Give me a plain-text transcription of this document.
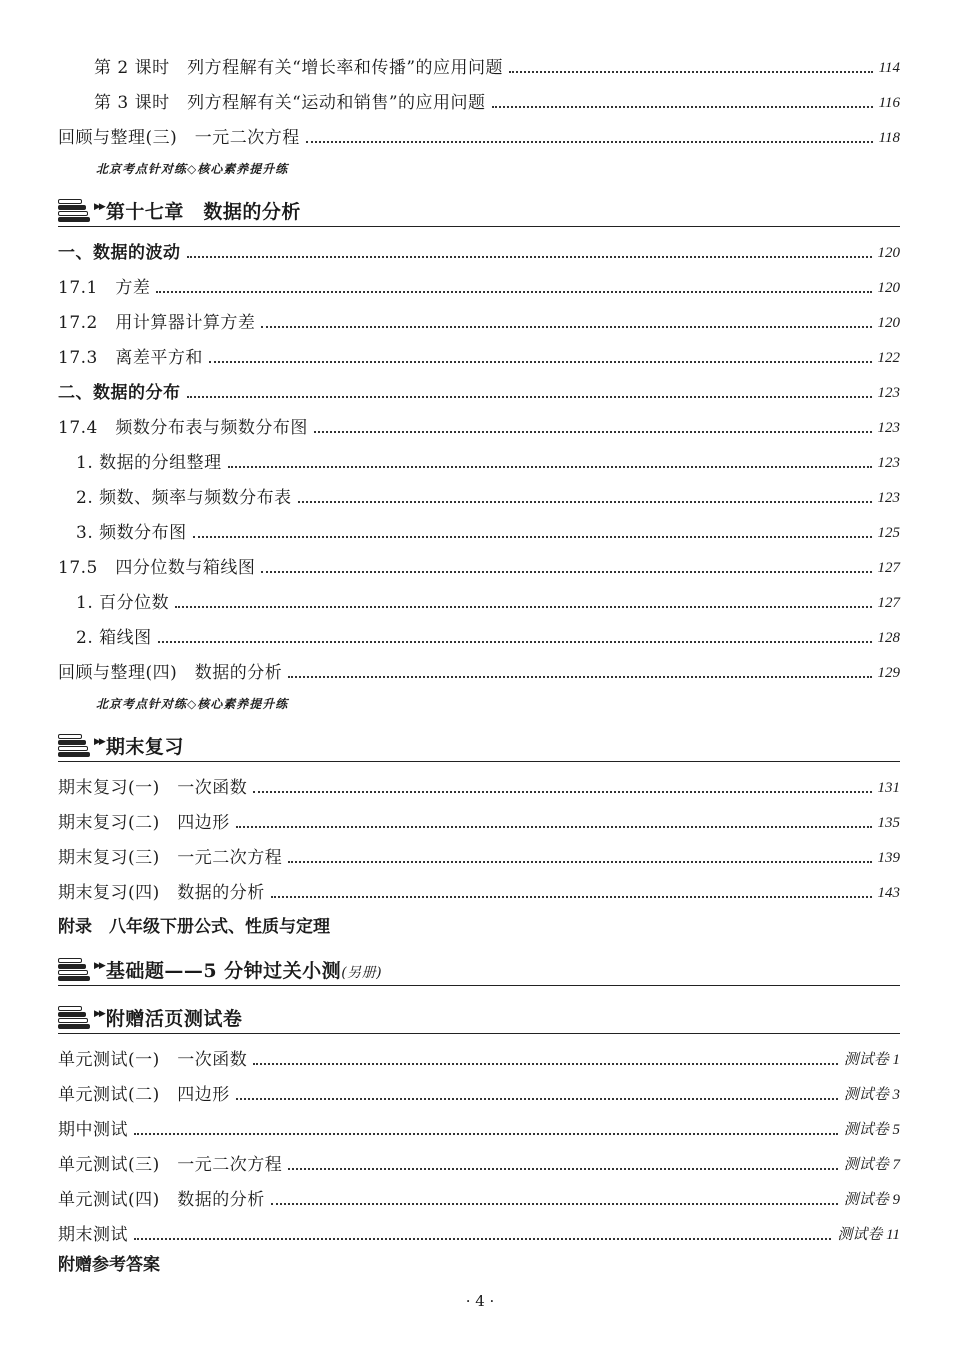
第 2 课时　列方程解有关“增长率和传播”的应用问题	114
第 3 课时　列方程解有关“运动和销售”的应用问题	116
回顾与整理(三)　一元二次方程	118
北京考点针对练◇核心素养提升练
▶▶ 第十七章　数据的分析
一、数据的波动	120
17.1　方差	120
17.2　用计算器计算方差	120
17.3　离差平方和	122
二、数据的分布	123
17.4　频数分布表与频数分布图	123
1. 数据的分组整理	123
2. 频数、频率与频数分布表	123
3. 频数分布图	125
17.5　四分位数与箱线图	127
1. 百分位数	127
2. 箱线图	128
回顾与整理(四)　数据的分析	129
北京考点针对练◇核心素养提升练
▶▶ 期末复习
期末复习(一)　一次函数	131
期末复习(二)　四边形	135
期末复习(三)　一元二次方程	139
期末复习(四)　数据的分析	143
附录　八年级下册公式、性质与定理
▶▶ 基础题——5 分钟过关小测(另册)
▶▶ 附赠活页测试卷
单元测试(一)　一次函数	测试卷 1
单元测试(二)　四边形	测试卷 3
期中测试	测试卷 5
单元测试(三)　一元二次方程	测试卷 7
单元测试(四)　数据的分析	测试卷 9
期末测试	测试卷 11
附赠参考答案
· 4 ·
